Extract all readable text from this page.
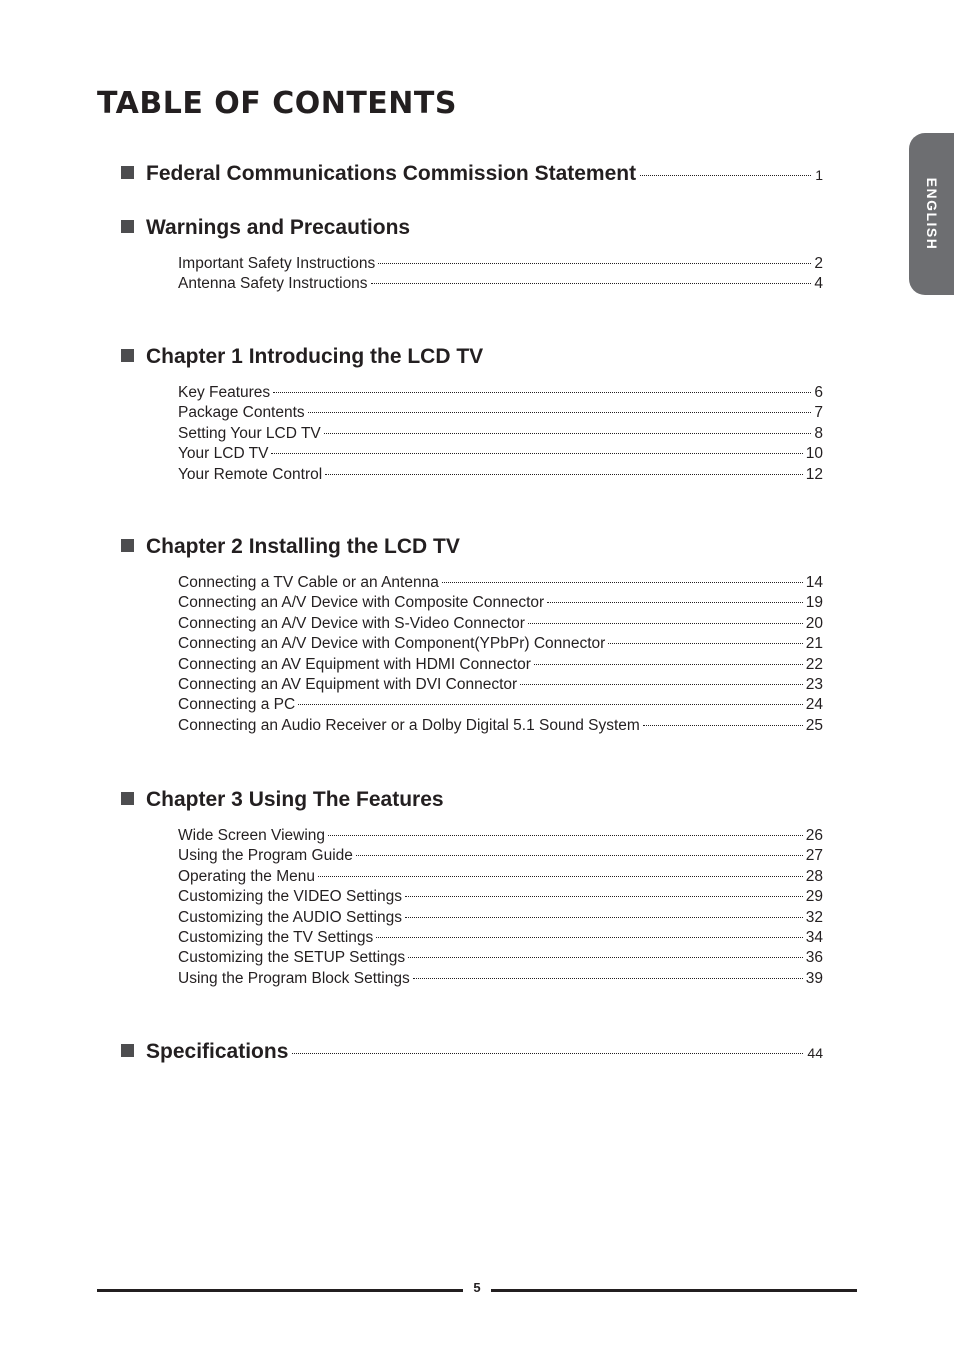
TABLE OF CONTENTS
ENGLISH
Federal Communications Commission Statement	1
Warnings and Precautions
Important Safety Instructions	2
Antenna Safety Instructions	4
Chapter 1 Introducing the LCD TV
Key Features	6
Package Contents	7
Setting Your LCD TV	8
Your LCD TV	10
Your Remote Control	12
Chapter 2 Installing the LCD TV
Connecting a TV Cable or an Antenna	14
Connecting an A/V Device with Composite Connector	19
Connecting an A/V Device with S-Video Connector	20
Connecting an A/V Device with Component(YPbPr) Connector	21
Connecting an AV Equipment with HDMI Connector	22
Connecting an AV Equipment with DVI Connector	23
Connecting a PC	24
Connecting an Audio Receiver or a Dolby Digital 5.1 Sound System	25
Chapter 3 Using The Features
Wide Screen Viewing	26
Using the Program Guide	27
Operating the Menu	28
Customizing the VIDEO Settings	29
Customizing the AUDIO Settings	32
Customizing the TV Settings	34
Customizing the SETUP Settings	36
Using the Program Block Settings	39
Specifications	44
5
